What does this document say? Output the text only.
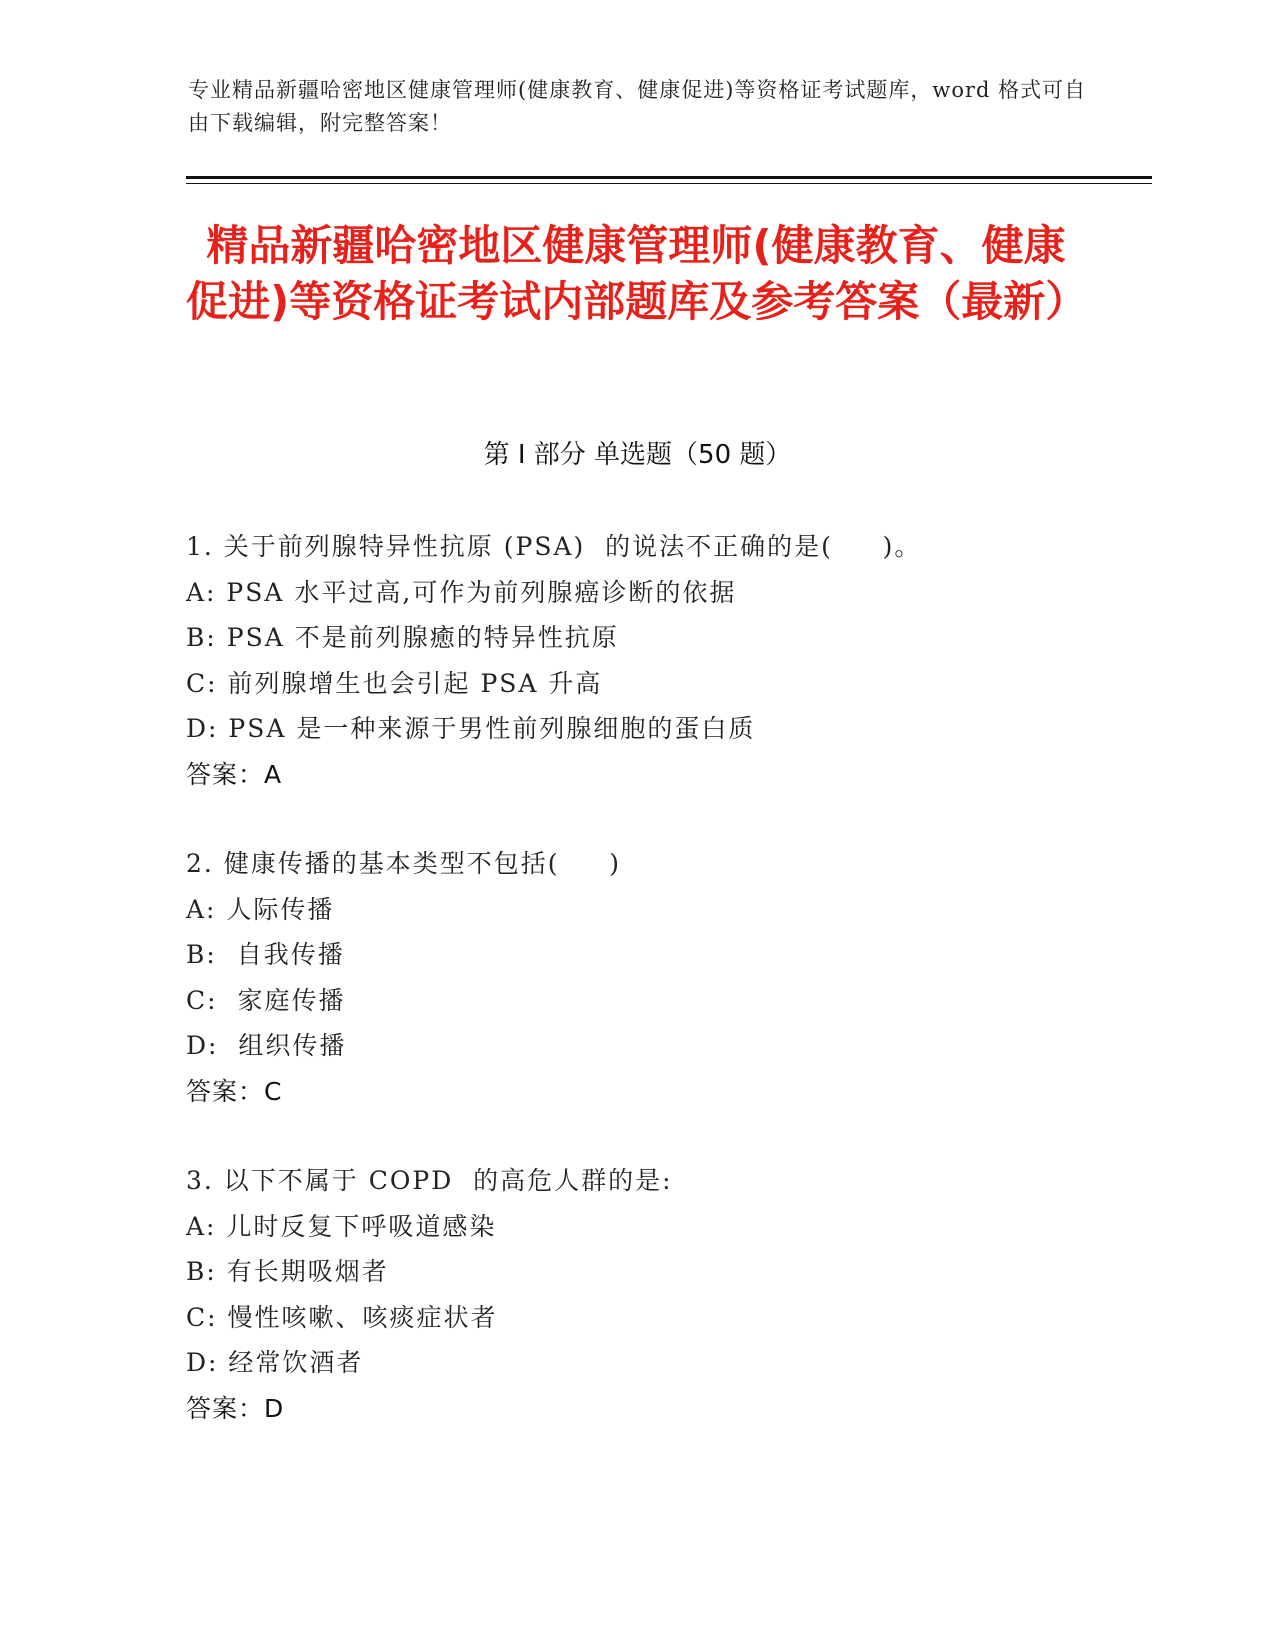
专业精品新疆哈密地区健康管理师(健康教育、健康促进)等资格证考试题库，word 格式可自由下载编辑，附完整答案！
精品新疆哈密地区健康管理师(健康教育、健康促进)等资格证考试内部题库及参考答案（最新）
第 I 部分 单选题（50 题）
1. 关于前列腺特异性抗原 (PSA)  的说法不正确的是(     )。
A: PSA 水平过高,可作为前列腺癌诊断的依据
B: PSA 不是前列腺癒的特异性抗原
C: 前列腺增生也会引起 PSA 升高
D: PSA 是一种来源于男性前列腺细胞的蛋白质
答案：A
2. 健康传播的基本类型不包括(     )
A: 人际传播
B:  自我传播
C:  家庭传播
D:  组织传播
答案：C
3. 以下不属于 COPD  的高危人群的是:
A: 儿时反复下呼吸道感染
B: 有长期吸烟者
C: 慢性咳嗽、咳痰症状者
D: 经常饮酒者
答案：D
